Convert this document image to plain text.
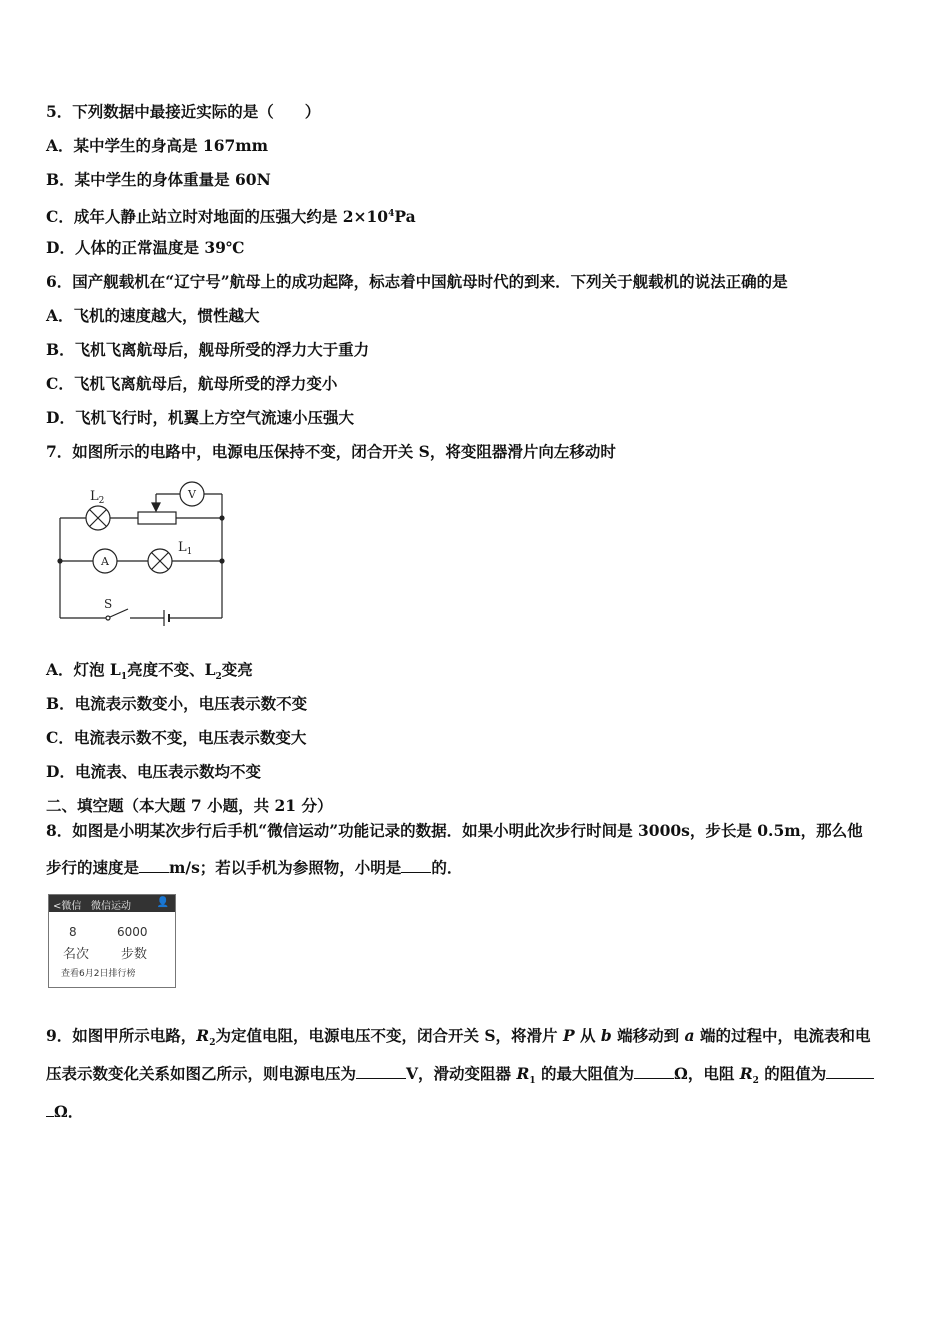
5．下列数据中最接近实际的是（　　）
A．某中学生的身高是 167mm
B．某中学生的身体重量是 60N
C．成年人静止站立时对地面的压强大约是 $2\times 10^4Pa$
D．人体的正常温度是 39℃
6．国产舰载机在“辽宁号”航母上的成功起降，标志着中国航母时代的到来．下列关于舰载机的说法正确的是
A．飞机的速度越大，惯性越大
B．飞机飞离航母后，舰母所受的浮力大于重力
C．飞机飞离航母后，航母所受的浮力变小
D．飞机飞行时，机翼上方空气流速小压强大
7．如图所示的电路中，电源电压保持不变，闭合开关 S，将变阻器滑片向左移动时
$L_2$
$L_1$
V
A
S
A．灯泡 $L_1$亮度不变、$L_2$变亮
B．电流表示数变小，电压表示数不变
C．电流表示数不变，电压表示数变大
D．电流表、电压表示数均不变
二、填空题（本大题 7 小题，共 21 分）
8．如图是小明某次步行后手机“微信运动”功能记录的数据．如果小明此次步行时间是 3000s，步长是 0.5m，那么他
步行的速度是 m/s；若以手机为参照物，小明是 的．
<微信 微信运动	👤
8	6000
名次 步数
查看6月2日排行榜
9．如图甲所示电路，$R_2$为定值电阻，电源电压不变，闭合开关 S，将滑片 P 从 b 端移动到 a 端的过程中，电流表和电
压表示数变化关系如图乙所示，则电源电压为	V，滑动变阻器 $R_1$ 的最大阻值为	Ω，电阻 $R_2$ 的阻值为
Ω．
